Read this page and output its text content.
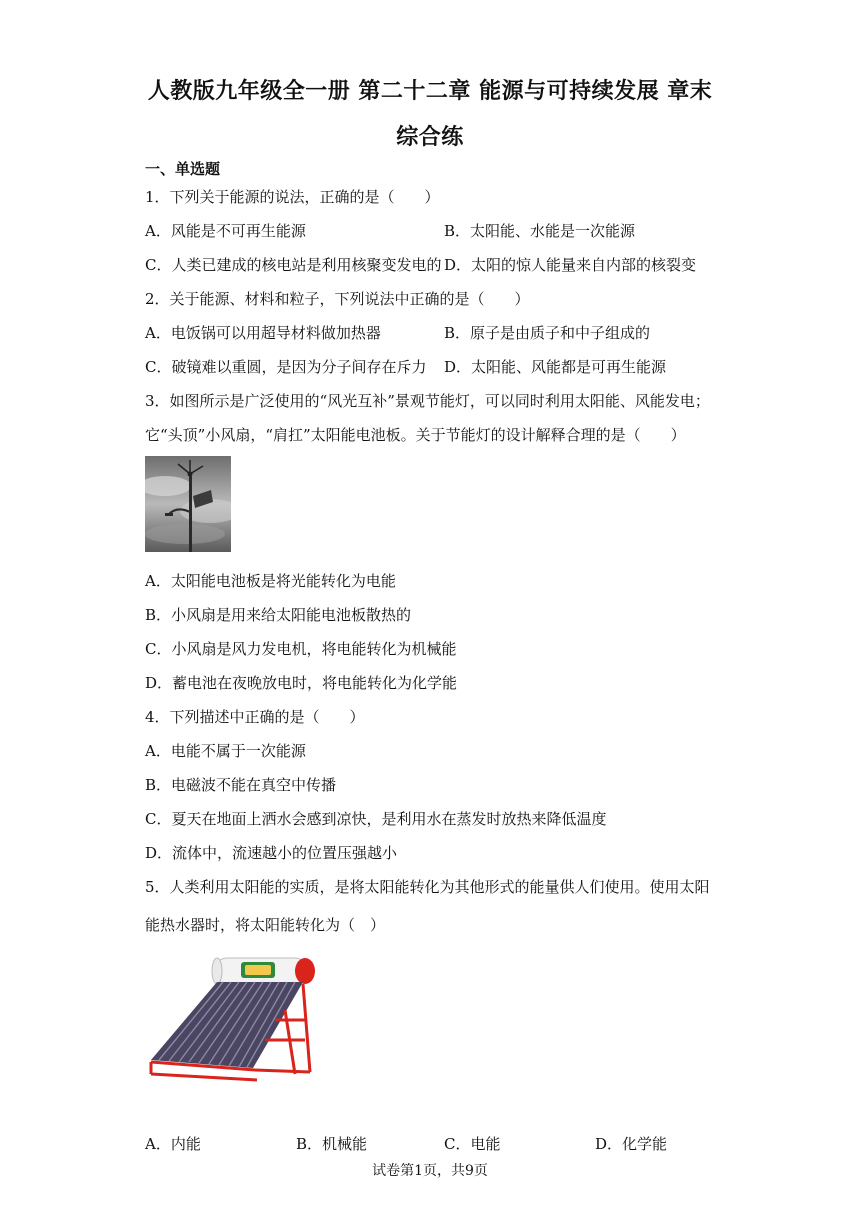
人教版九年级全一册 第二十二章 能源与可持续发展 章末
综合练
一、单选题
1．下列关于能源的说法，正确的是（　　）
A．风能是不可再生能源	B．太阳能、水能是一次能源
C．人类已建成的核电站是利用核聚变发电的 D．太阳的惊人能量来自内部的核裂变
2．关于能源、材料和粒子，下列说法中正确的是（　　）
A．电饭锅可以用超导材料做加热器	B．原子是由质子和中子组成的
C．破镜难以重圆，是因为分子间存在斥力 D．太阳能、风能都是可再生能源
3．如图所示是广泛使用的“风光互补”景观节能灯，可以同时利用太阳能、风能发电；
它“头顶”小风扇，“肩扛”太阳能电池板。关于节能灯的设计解释合理的是（　　）
A．太阳能电池板是将光能转化为电能
B．小风扇是用来给太阳能电池板散热的
C．小风扇是风力发电机，将电能转化为机械能
D．蓄电池在夜晚放电时，将电能转化为化学能
4．下列描述中正确的是（　　）
A．电能不属于一次能源
B．电磁波不能在真空中传播
C．夏天在地面上洒水会感到凉快，是利用水在蒸发时放热来降低温度
D．流体中，流速越小的位置压强越小
5．人类利用太阳能的实质，是将太阳能转化为其他形式的能量供人们使用。使用太阳
能热水器时，将太阳能转化为（　）
A．内能	B．机械能	C．电能	D．化学能
试卷第1页，共9页
